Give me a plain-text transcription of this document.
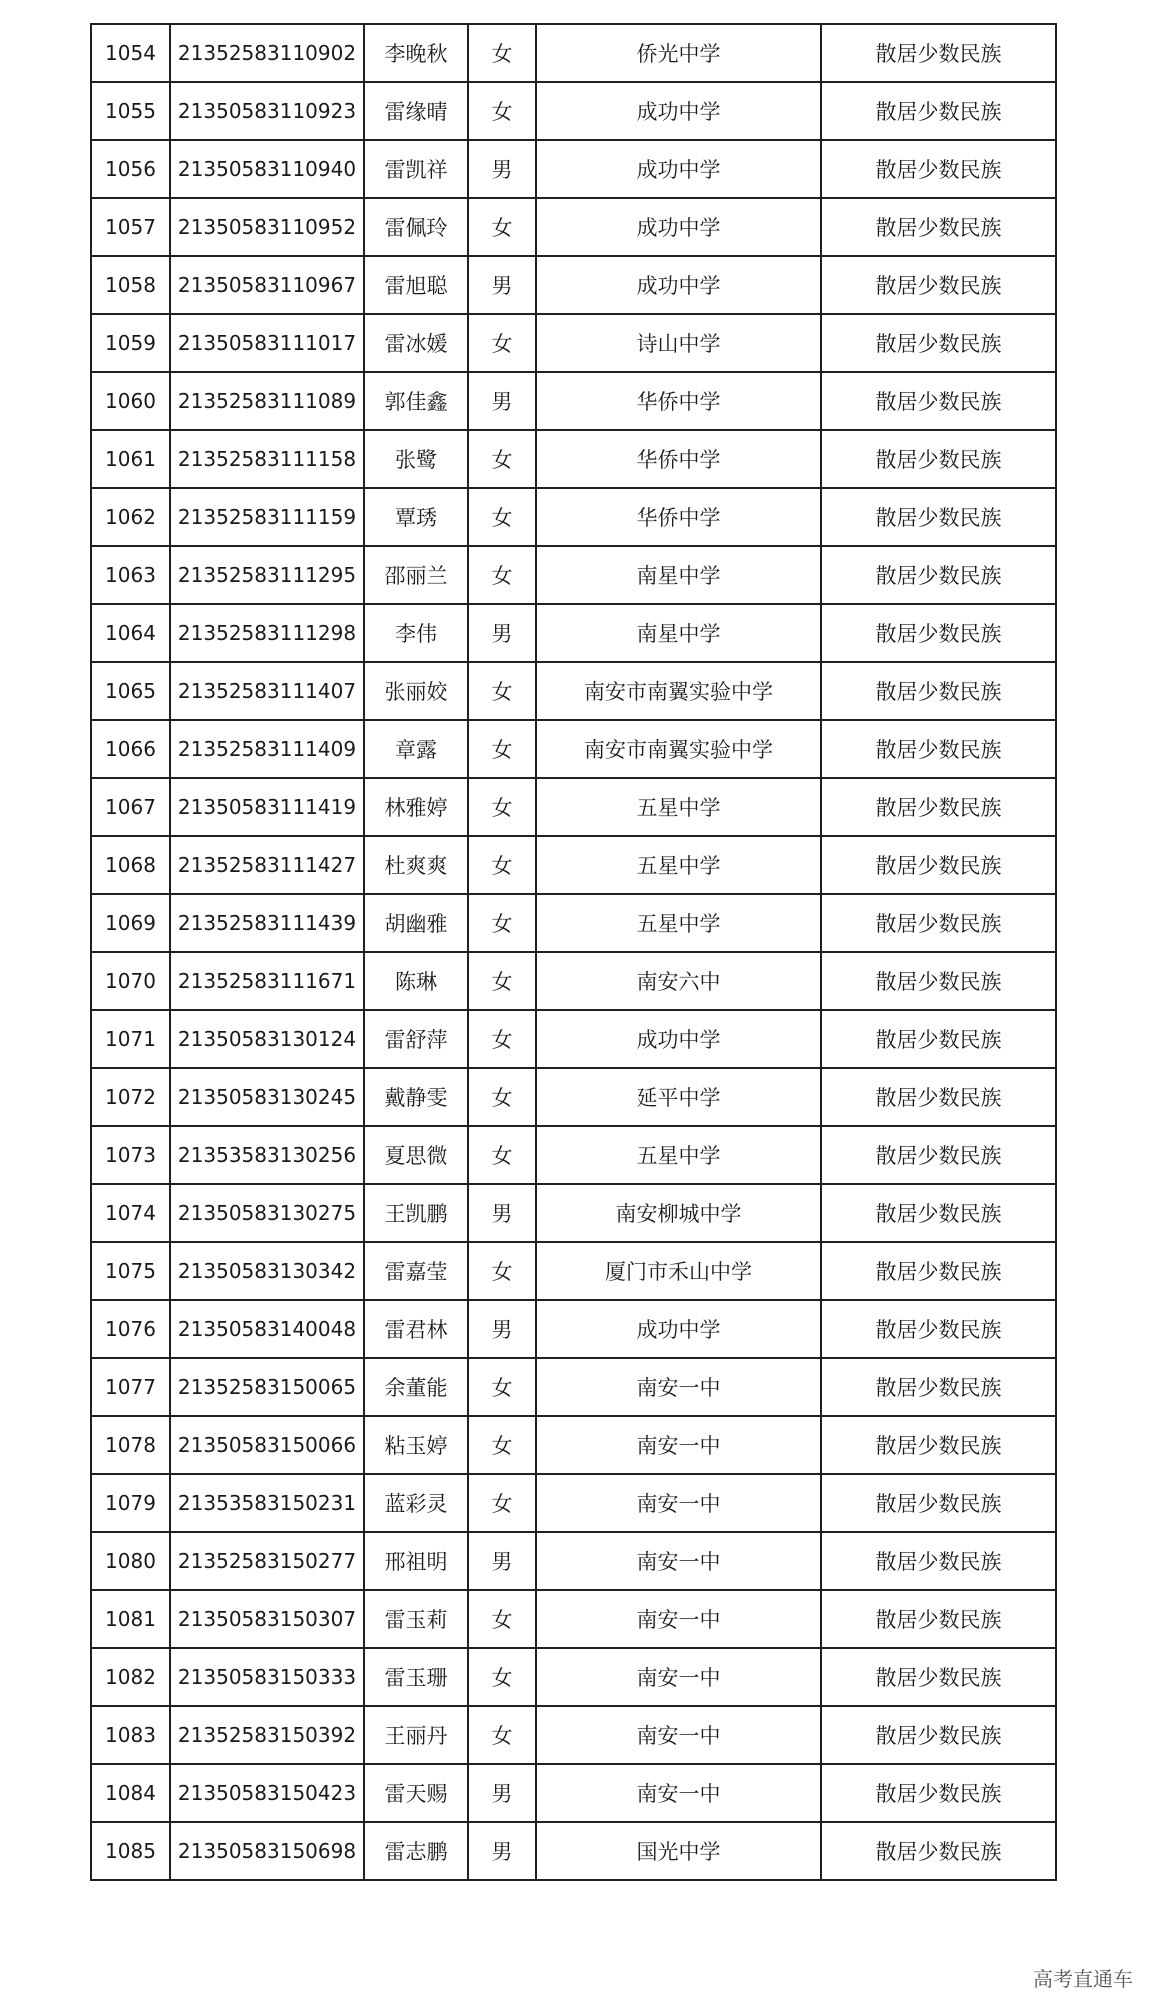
1054	21352583110902	李晚秋	女	侨光中学	散居少数民族
1055	21350583110923	雷缘晴	女	成功中学	散居少数民族
1056	21350583110940	雷凯祥	男	成功中学	散居少数民族
1057	21350583110952	雷佩玲	女	成功中学	散居少数民族
1058	21350583110967	雷旭聪	男	成功中学	散居少数民族
1059	21350583111017	雷冰媛	女	诗山中学	散居少数民族
1060	21352583111089	郭佳鑫	男	华侨中学	散居少数民族
1061	21352583111158	张鹭	女	华侨中学	散居少数民族
1062	21352583111159	覃琇	女	华侨中学	散居少数民族
1063	21352583111295	邵丽兰	女	南星中学	散居少数民族
1064	21352583111298	李伟	男	南星中学	散居少数民族
1065	21352583111407	张丽姣	女	南安市南翼实验中学	散居少数民族
1066	21352583111409	章露	女	南安市南翼实验中学	散居少数民族
1067	21350583111419	林雅婷	女	五星中学	散居少数民族
1068	21352583111427	杜爽爽	女	五星中学	散居少数民族
1069	21352583111439	胡幽雅	女	五星中学	散居少数民族
1070	21352583111671	陈琳	女	南安六中	散居少数民族
1071	21350583130124	雷舒萍	女	成功中学	散居少数民族
1072	21350583130245	戴静雯	女	延平中学	散居少数民族
1073	21353583130256	夏思微	女	五星中学	散居少数民族
1074	21350583130275	王凯鹏	男	南安柳城中学	散居少数民族
1075	21350583130342	雷嘉莹	女	厦门市禾山中学	散居少数民族
1076	21350583140048	雷君林	男	成功中学	散居少数民族
1077	21352583150065	余董能	女	南安一中	散居少数民族
1078	21350583150066	粘玉婷	女	南安一中	散居少数民族
1079	21353583150231	蓝彩灵	女	南安一中	散居少数民族
1080	21352583150277	邢祖明	男	南安一中	散居少数民族
1081	21350583150307	雷玉莉	女	南安一中	散居少数民族
1082	21350583150333	雷玉珊	女	南安一中	散居少数民族
1083	21352583150392	王丽丹	女	南安一中	散居少数民族
1084	21350583150423	雷天赐	男	南安一中	散居少数民族
1085	21350583150698	雷志鹏	男	国光中学	散居少数民族
高考直通车
